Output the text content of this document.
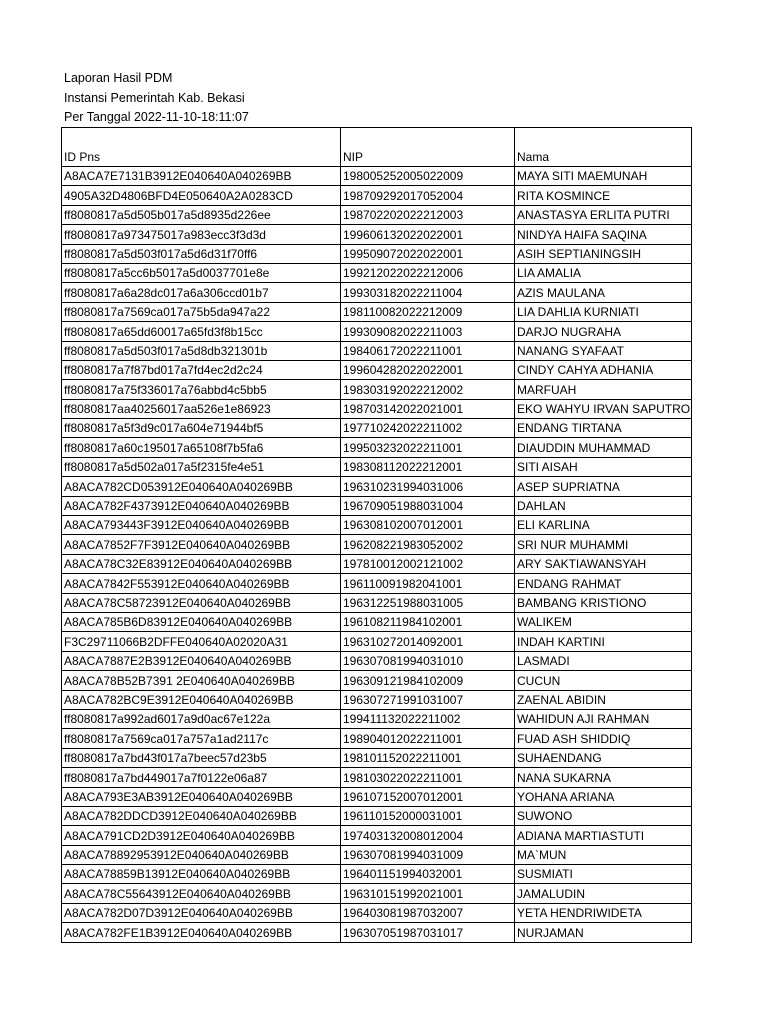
Laporan Hasil PDM
Instansi Pemerintah Kab. Bekasi
Per Tanggal 2022-11-10-18:11:07
ID Pns	NIP	Nama
A8ACA7E7131B3912E040640A040269BB	198005252005022009	MAYA SITI MAEMUNAH
4905A32D4806BFD4E050640A2A0283CD	198709292017052004	RITA KOSMINCE
ff8080817a5d505b017a5d8935d226ee	198702202022212003	ANASTASYA ERLITA PUTRI
ff8080817a973475017a983ecc3f3d3d	199606132022022001	NINDYA HAIFA SAQINA
ff8080817a5d503f017a5d6d31f70ff6	199509072022022001	ASIH SEPTIANINGSIH
ff8080817a5cc6b5017a5d0037701e8e	199212022022212006	LIA AMALIA
ff8080817a6a28dc017a6a306ccd01b7	199303182022211004	AZIS MAULANA
ff8080817a7569ca017a75b5da947a22	198110082022212009	LIA DAHLIA KURNIATI
ff8080817a65dd60017a65fd3f8b15cc	199309082022211003	DARJO NUGRAHA
ff8080817a5d503f017a5d8db321301b	198406172022211001	NANANG SYAFAAT
ff8080817a7f87bd017a7fd4ec2d2c24	199604282022022001	CINDY CAHYA ADHANIA
ff8080817a75f336017a76abbd4c5bb5	198303192022212002	MARFUAH
ff8080817aa40256017aa526e1e86923	198703142022021001	EKO WAHYU IRVAN SAPUTRO
ff8080817a5f3d9c017a604e71944bf5	197710242022211002	ENDANG TIRTANA
ff8080817a60c195017a65108f7b5fa6	199503232022211001	DIAUDDIN MUHAMMAD
ff8080817a5d502a017a5f2315fe4e51	198308112022212001	SITI AISAH
A8ACA782CD053912E040640A040269BB	196310231994031006	ASEP SUPRIATNA
A8ACA782F4373912E040640A040269BB	196709051988031004	DAHLAN
A8ACA793443F3912E040640A040269BB	196308102007012001	ELI KARLINA
A8ACA7852F7F3912E040640A040269BB	196208221983052002	SRI NUR MUHAMMI
A8ACA78C32E83912E040640A040269BB	197810012002121002	ARY SAKTIAWANSYAH
A8ACA7842F553912E040640A040269BB	196110091982041001	ENDANG RAHMAT
A8ACA78C58723912E040640A040269BB	196312251988031005	BAMBANG KRISTIONO
A8ACA785B6D83912E040640A040269BB	196108211984102001	WALIKEM
F3C29711066B2DFFE040640A02020A31	196310272014092001	INDAH KARTINI
A8ACA7887E2B3912E040640A040269BB	196307081994031010	LASMADI
A8ACA78B52B7391 2E040640A040269BB	196309121984102009	CUCUN
A8ACA782BC9E3912E040640A040269BB	196307271991031007	ZAENAL ABIDIN
ff8080817a992ad6017a9d0ac67e122a	199411132022211002	WAHIDUN AJI RAHMAN
ff8080817a7569ca017a757a1ad2117c	198904012022211001	FUAD ASH SHIDDIQ
ff8080817a7bd43f017a7beec57d23b5	198101152022211001	SUHAENDANG
ff8080817a7bd449017a7f0122e06a87	198103022022211001	NANA SUKARNA
A8ACA793E3AB3912E040640A040269BB	196107152007012001	YOHANA ARIANA
A8ACA782DDCD3912E040640A040269BB	196110152000031001	SUWONO
A8ACA791CD2D3912E040640A040269BB	197403132008012004	ADIANA MARTIASTUTI
A8ACA78892953912E040640A040269BB	196307081994031009	MA`MUN
A8ACA78859B13912E040640A040269BB	196401151994032001	SUSMIATI
A8ACA78C55643912E040640A040269BB	196310151992021001	JAMALUDIN
A8ACA782D07D3912E040640A040269BB	196403081987032007	YETA HENDRIWIDETA
A8ACA782FE1B3912E040640A040269BB	196307051987031017	NURJAMAN
